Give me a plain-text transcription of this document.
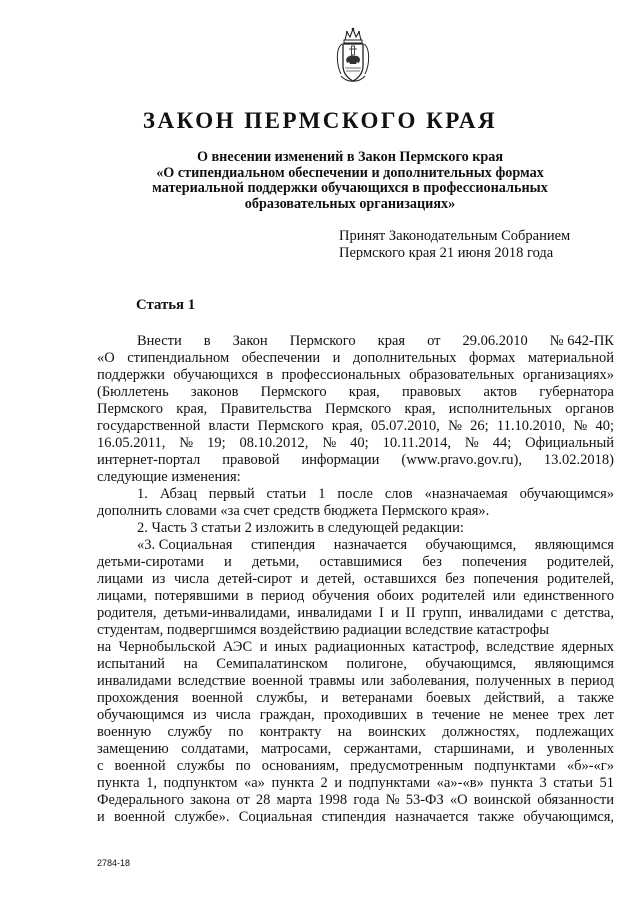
ЗАКОН ПЕРМСКОГО КРАЯ
О внесении изменений в Закон Пермского края
«О стипендиальном обеспечении и дополнительных формах
материальной поддержки обучающихся в профессиональных
образовательных организациях»
Принят Законодательным Собранием
Пермского края 21 июня 2018 года
Статья 1
Внести в Закон Пермского края от 29.06.2010 № 642-ПК
«О стипендиальном обеспечении и дополнительных формах материальной
поддержки обучающихся в профессиональных образовательных организациях»
(Бюллетень законов Пермского края, правовых актов губернатора
Пермского края, Правительства Пермского края, исполнительных органов
государственной власти Пермского края, 05.07.2010, № 26; 11.10.2010, № 40;
16.05.2011, № 19; 08.10.2012, № 40; 10.11.2014, № 44; Официальный
интернет-портал правовой информации (www.pravo.gov.ru), 13.02.2018)
следующие изменения:
1. Абзац первый статьи 1 после слов «назначаемая обучающимся»
дополнить словами «за счет средств бюджета Пермского края».
2. Часть 3 статьи 2 изложить в следующей редакции:
«3. Социальная стипендия назначается обучающимся, являющимся
детьми-сиротами и детьми, оставшимися без попечения родителей,
лицами из числа детей-сирот и детей, оставшихся без попечения родителей,
лицами, потерявшими в период обучения обоих родителей или единственного
родителя, детьми-инвалидами, инвалидами I и II групп, инвалидами с детства,
студентам, подвергшимся воздействию радиации вследствие катастрофы
на Чернобыльской АЭС и иных радиационных катастроф, вследствие ядерных
испытаний на Семипалатинском полигоне, обучающимся, являющимся
инвалидами вследствие военной травмы или заболевания, полученных в период
прохождения военной службы, и ветеранами боевых действий, а также
обучающимся из числа граждан, проходивших в течение не менее трех лет
военную службу по контракту на воинских должностях, подлежащих
замещению солдатами, матросами, сержантами, старшинами, и уволенных
с военной службы по основаниям, предусмотренным подпунктами «б»-«г»
пункта 1, подпунктом «а» пункта 2 и подпунктами «а»-«в» пункта 3 статьи 51
Федерального закона от 28 марта 1998 года № 53-ФЗ «О воинской обязанности
и военной службе». Социальная стипендия назначается также обучающимся,
2784-18
